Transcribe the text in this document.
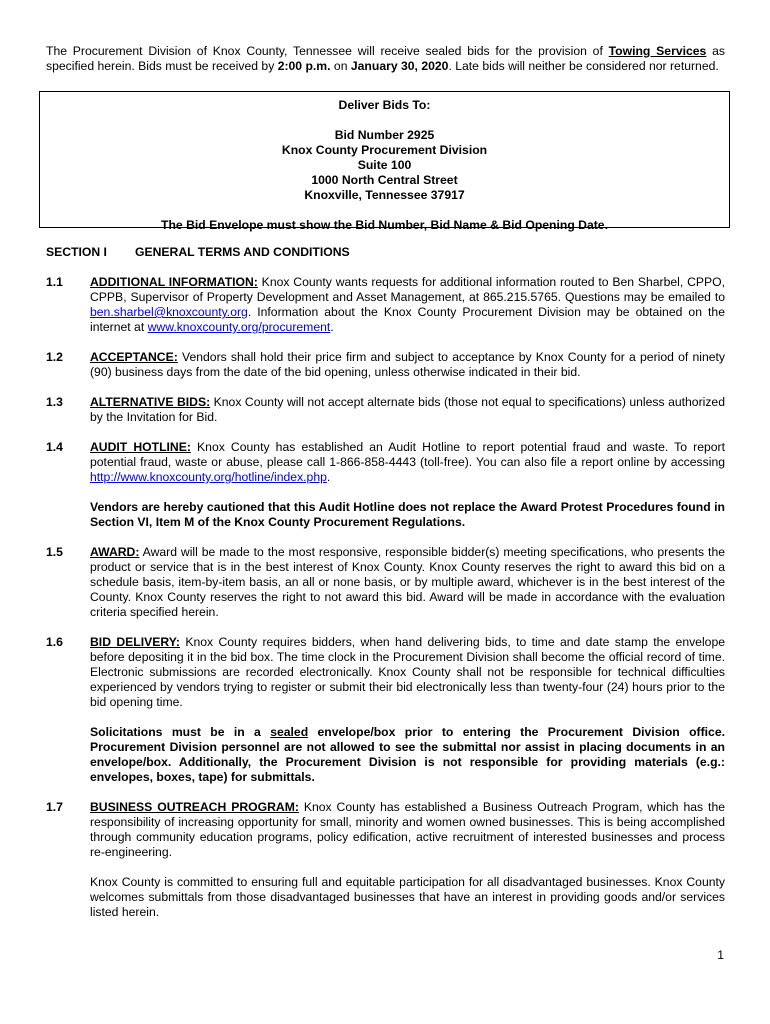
The Procurement Division of Knox County, Tennessee will receive sealed bids for the provision of Towing Services as specified herein. Bids must be received by 2:00 p.m. on January 30, 2020. Late bids will neither be considered nor returned.

Deliver Bids To:
Bid Number 2925
Knox County Procurement Division
Suite 100
1000 North Central Street
Knoxville, Tennessee 37917
The Bid Envelope must show the Bid Number, Bid Name & Bid Opening Date.
SECTION I	GENERAL TERMS AND CONDITIONS
1.1	ADDITIONAL INFORMATION: Knox County wants requests for additional information routed to Ben Sharbel, CPPO, CPPB, Supervisor of Property Development and Asset Management, at 865.215.5765. Questions may be emailed to ben.sharbel@knoxcounty.org. Information about the Knox County Procurement Division may be obtained on the internet at www.knoxcounty.org/procurement.

1.2	ACCEPTANCE: Vendors shall hold their price firm and subject to acceptance by Knox County for a period of ninety (90) business days from the date of the bid opening, unless otherwise indicated in their bid.

1.3	ALTERNATIVE BIDS: Knox County will not accept alternate bids (those not equal to specifications) unless authorized by the Invitation for Bid.

1.4	AUDIT HOTLINE: Knox County has established an Audit Hotline to report potential fraud and waste. To report potential fraud, waste or abuse, please call 1-866-858-4443 (toll-free). You can also file a report online by accessing http://www.knoxcounty.org/hotline/index.php.

Vendors are hereby cautioned that this Audit Hotline does not replace the Award Protest Procedures found in Section VI, Item M of the Knox County Procurement Regulations.

1.5	AWARD: Award will be made to the most responsive, responsible bidder(s) meeting specifications, who presents the product or service that is in the best interest of Knox County. Knox County reserves the right to award this bid on a schedule basis, item-by-item basis, an all or none basis, or by multiple award, whichever is in the best interest of the County. Knox County reserves the right to not award this bid. Award will be made in accordance with the evaluation criteria specified herein.

1.6	BID DELIVERY: Knox County requires bidders, when hand delivering bids, to time and date stamp the envelope before depositing it in the bid box. The time clock in the Procurement Division shall become the official record of time. Electronic submissions are recorded electronically. Knox County shall not be responsible for technical difficulties experienced by vendors trying to register or submit their bid electronically less than twenty-four (24) hours prior to the bid opening time.

Solicitations must be in a sealed envelope/box prior to entering the Procurement Division office. Procurement Division personnel are not allowed to see the submittal nor assist in placing documents in an envelope/box. Additionally, the Procurement Division is not responsible for providing materials (e.g.: envelopes, boxes, tape) for submittals.

1.7	BUSINESS OUTREACH PROGRAM: Knox County has established a Business Outreach Program, which has the responsibility of increasing opportunity for small, minority and women owned businesses. This is being accomplished through community education programs, policy edification, active recruitment of interested businesses and process re-engineering.

Knox County is committed to ensuring full and equitable participation for all disadvantaged businesses. Knox County welcomes submittals from those disadvantaged businesses that have an interest in providing goods and/or services listed herein.

1
